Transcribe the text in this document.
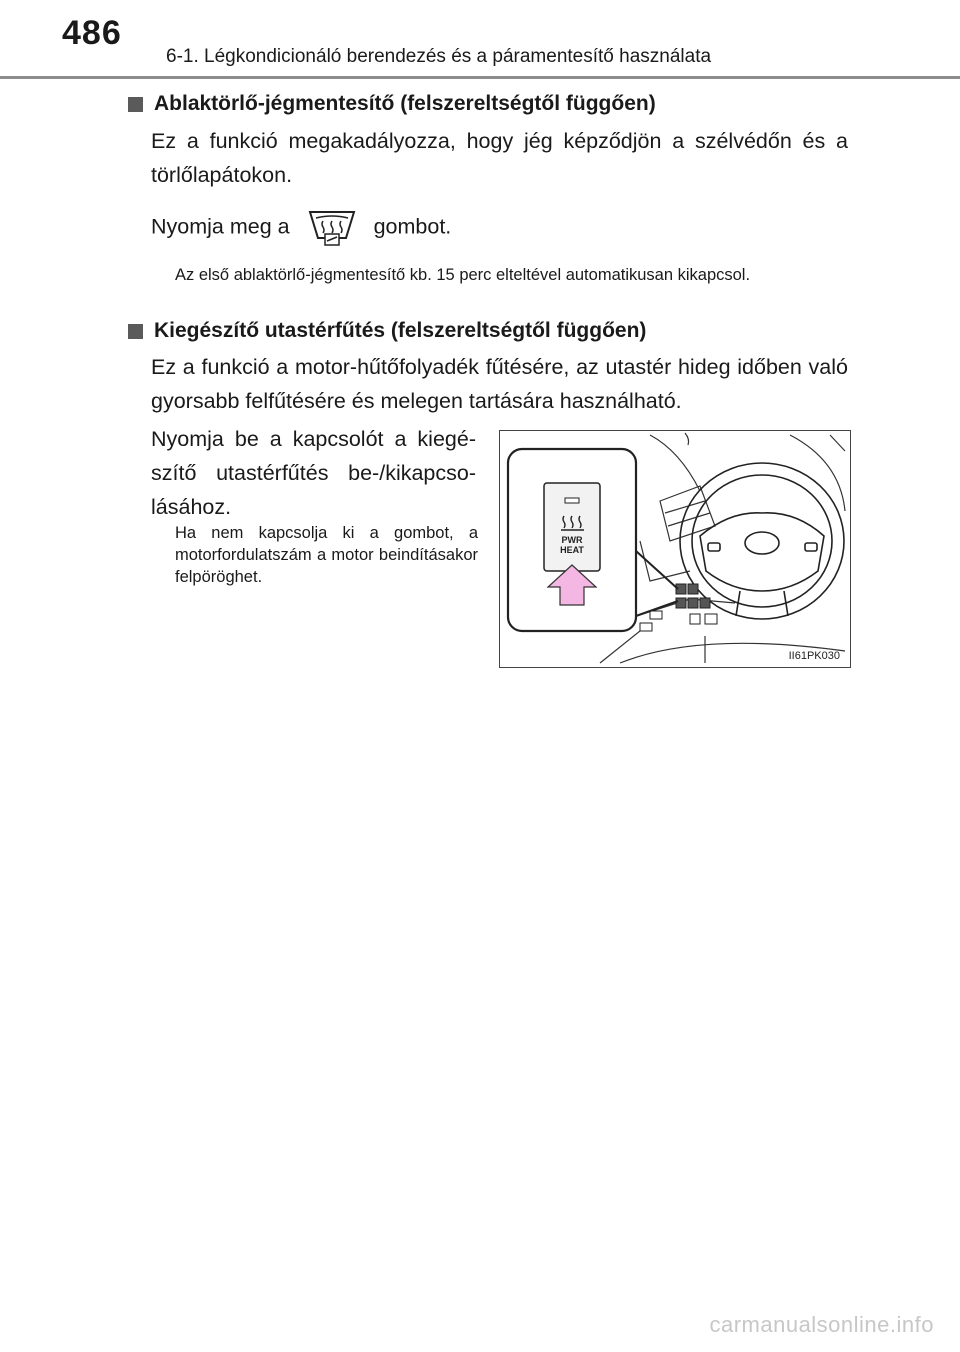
486
6-1. Légkondicionáló berendezés és a páramentesítő használata
Ablaktörlő-jégmentesítő (felszereltségtől függően)
Ez a funkció megakadályozza, hogy jég képződjön a szélvédőn és a törlőlapátokon.
Nyomja meg a	gombot.
Az első ablaktörlő-jégmentesítő kb. 15 perc elteltével automatikusan kikapcsol.
Kiegészítő utastérfűtés (felszereltségtől függően)
Ez a funkció a motor-hűtőfolyadék fűtésére, az utastér hideg időben való gyorsabb felfűtésére és melegen tartására használható.
Nyomja be a kapcsolót a kiegé-szítő utastérfűtés be-/kikapcso-lásához.
Ha nem kapcsolja ki a gombot, a motorfordulatszám a motor beindításakor felpöröghet.
PWR
HEAT
II61PK030
carmanualsonline.info
